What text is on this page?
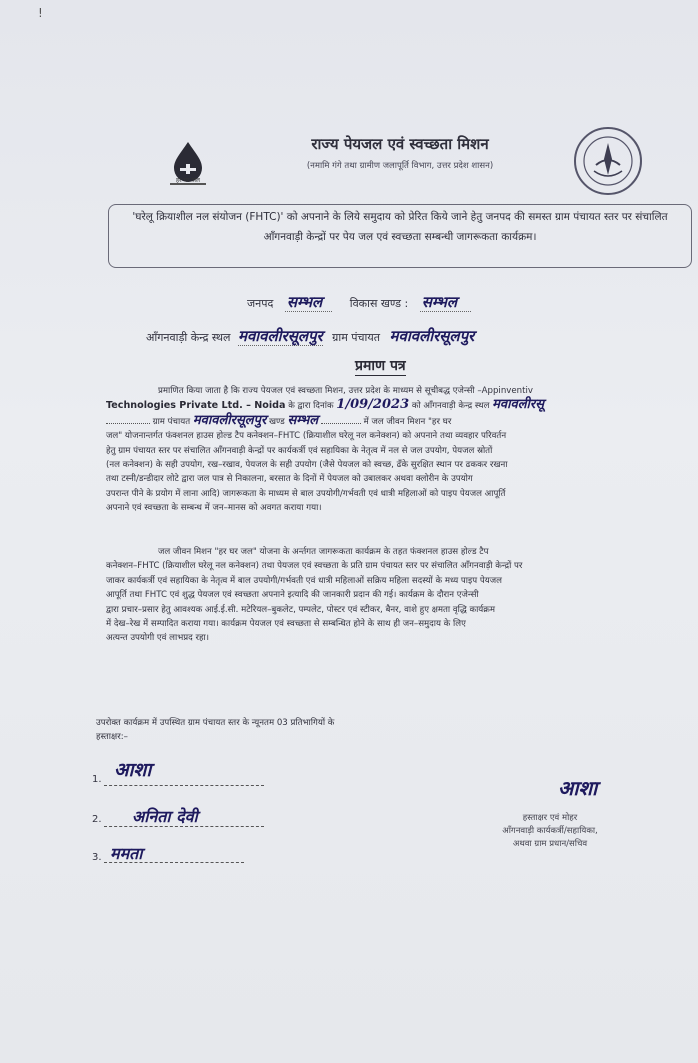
!
हर घर जल
राज्य पेयजल एवं स्वच्छता मिशन
(नमामि गंगे तथा ग्रामीण जलापूर्ति विभाग, उत्तर प्रदेश शासन)
'घरेलू क्रियाशील नल संयोजन (FHTC)' को अपनाने के लिये समुदाय को प्रेरित किये जाने हेतु जनपद की समस्त ग्राम पंचायत स्तर पर संचालित आँगनवाड़ी केन्द्रों पर पेय जल एवं स्वच्छता सम्बन्धी जागरूकता कार्यक्रम।
जनपद सम्भल	विकास खण्ड : सम्भल
आँगनवाड़ी केन्द्र स्थल मवावलीरसूलपुर ग्राम पंचायत मवावलीरसूलपुर
प्रमाण पत्र
प्रमाणित किया जाता है कि राज्य पेयजल एवं स्वच्छता मिशन, उत्तर प्रदेश के माध्यम से सूचीबद्ध एजेन्सी –Appinventiv
Technologies Private Ltd. – Noida के द्वारा दिनांक 1/09/2023 को आँगनवाड़ी केन्द्र स्थल मवावलीरसू
ग्राम पंचायत मवावलीरसूलपुर खण्ड सम्भल	में जल जीवन मिशन "हर घर
जल" योजनान्तर्गत फंक्शनल हाउस होल्ड टैप कनेक्शन–FHTC (क्रियाशील घरेलू नल कनेक्शन) को अपनाने तथा व्यवहार परिवर्तन
हेतु ग्राम पंचायत स्तर पर संचालित आँगनवाड़ी केन्द्रों पर कार्यकर्त्री एवं सहायिका के नेतृत्व में नल से जल उपयोग, पेयजल स्रोतों
(नल कनेक्शन) के सही उपयोग, रख–रखाव, पेयजल के सही उपयोग (जैसे पेयजल को स्वच्छ, ढँके सुरक्षित स्थान पर ढककर रखना
तथा टस्नी/डन्डीदार लोटे द्वारा जल पात्र से निकालना, बरसात के दिनों में पेयजल को उबालकर अथवा क्लोरीन के उपयोग
उपरान्त पीने के प्रयोग में लाना आदि) जागरूकता के माध्यम से बाल उपयोगी/गर्भवती एवं धात्री महिलाओं को पाइप पेयजल आपूर्ति
अपनाने एवं स्वच्छता के सम्बन्ध में जन–मानस को अवगत कराया गया।
जल जीवन मिशन "हर घर जल" योजना के अर्न्तगत जागरूकता कार्यक्रम के तहत फंक्शनल हाउस होल्ड टैप
कनेक्शन–FHTC (क्रियाशील घरेलू नल कनेक्शन) तथा पेयजल एवं स्वच्छता के प्रति ग्राम पंचायत स्तर पर संचालित आँगनवाड़ी केन्द्रों पर
जाकर कार्यकर्त्री एवं सहायिका के नेतृत्व में बाल उपयोगी/गर्भवती एवं धात्री महिलाओं सक्रिय महिला सदस्यों के मध्य पाइप पेयजल
आपूर्ति तथा FHTC एवं शुद्ध पेयजल एवं स्वच्छता अपनाने इत्यादि की जानकारी प्रदान की गई। कार्यक्रम के दौरान एजेन्सी
द्वारा प्रचार–प्रसार हेतु आवश्यक आई.ई.सी. मटेरियल–बुकलेट, पम्पलेट, पोस्टर एवं स्टीकर, बैनर, वाशे हुए क्षमता वृद्धि कार्यक्रम
में देख–रेख में सम्पादित कराया गया। कार्यक्रम पेयजल एवं स्वच्छता से सम्बन्धित होने के साथ ही जन–समुदाय के लिए
अत्यन्त उपयोगी एवं लाभप्रद रहा।
उपरोक्त कार्यक्रम में उपस्थित ग्राम पंचायत स्तर के न्यूनतम 03 प्रतिभागियों के
हस्ताक्षर:–
1. आशा
2. अनिता देवी
3. ममता
आशा
हस्ताक्षर एवं मोहर
आँगनवाड़ी कार्यकर्त्री/सहायिका,
अथवा ग्राम प्रधान/सचिव
